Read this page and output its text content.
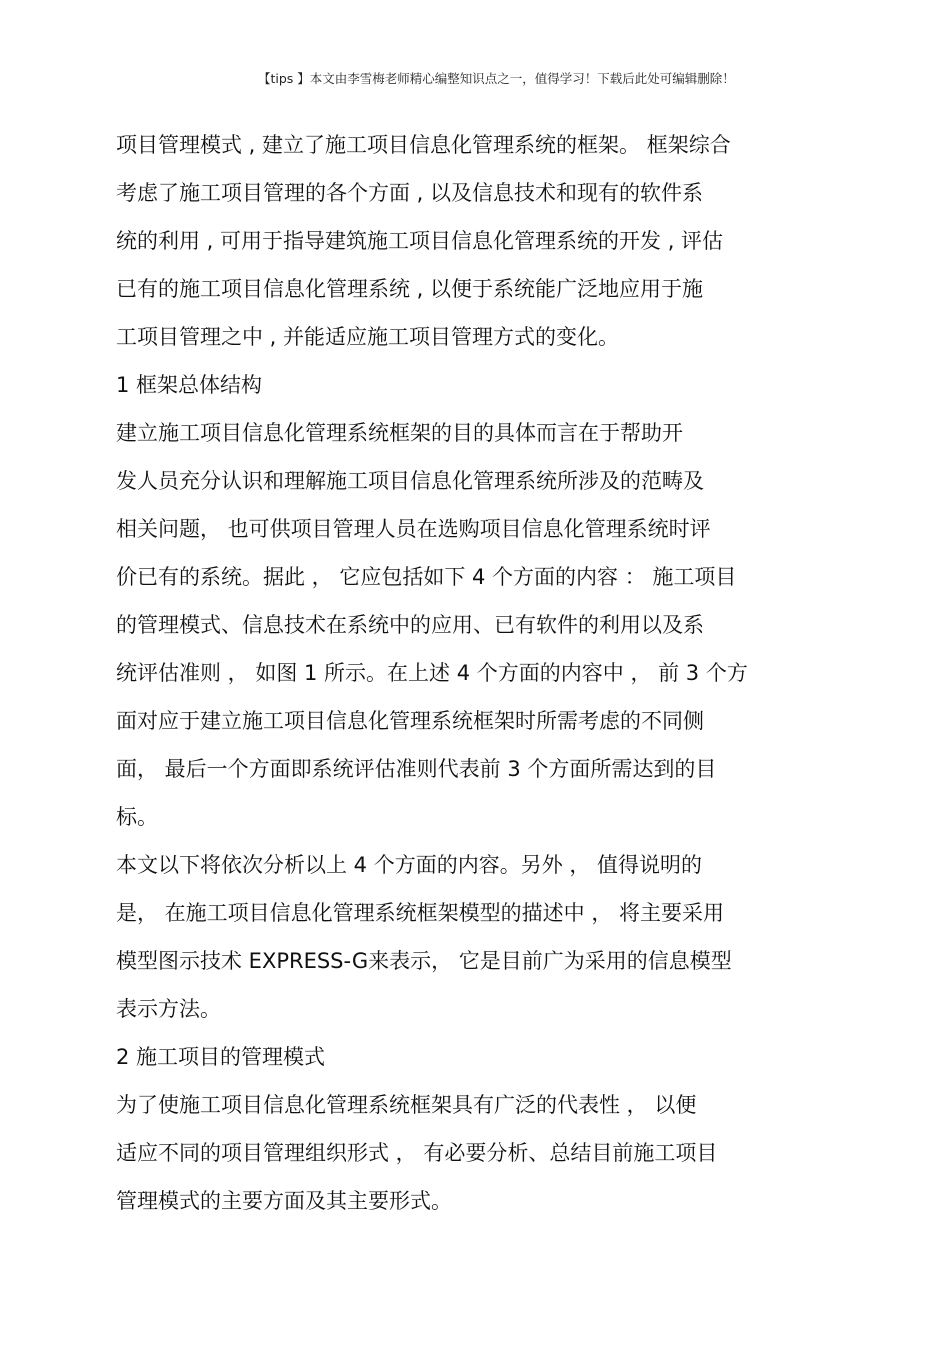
【tips 】本文由李雪梅老师精心编整知识点之一，值得学习！下载后此处可编辑删除！
项目管理模式 , 建立了施工项目信息化管理系统的框架。 框架综合
考虑了施工项目管理的各个方面 , 以及信息技术和现有的软件系
统的利用 , 可用于指导建筑施工项目信息化管理系统的开发 , 评估
已有的施工项目信息化管理系统 , 以便于系统能广泛地应用于施
工项目管理之中 , 并能适应施工项目管理方式的变化。
1 框架总体结构
建立施工项目信息化管理系统框架的目的具体而言在于帮助开
发人员充分认识和理解施工项目信息化管理系统所涉及的范畴及
相关问题， 也可供项目管理人员在选购项目信息化管理系统时评
价已有的系统。据此 ， 它应包括如下 4 个方面的内容 ： 施工项目
的管理模式、信息技术在系统中的应用、已有软件的利用以及系
统评估准则 ， 如图 1 所示。在上述 4 个方面的内容中 ， 前 3 个方
面对应于建立施工项目信息化管理系统框架时所需考虑的不同侧
面， 最后一个方面即系统评估准则代表前 3 个方面所需达到的目
标。
本文以下将依次分析以上 4 个方面的内容。另外 ， 值得说明的
是， 在施工项目信息化管理系统框架模型的描述中 ， 将主要采用
模型图示技术 EXPRESS-G来表示， 它是目前广为采用的信息模型
表示方法。
2 施工项目的管理模式
为了使施工项目信息化管理系统框架具有广泛的代表性 ， 以便
适应不同的项目管理组织形式 ， 有必要分析、总结目前施工项目
管理模式的主要方面及其主要形式。
